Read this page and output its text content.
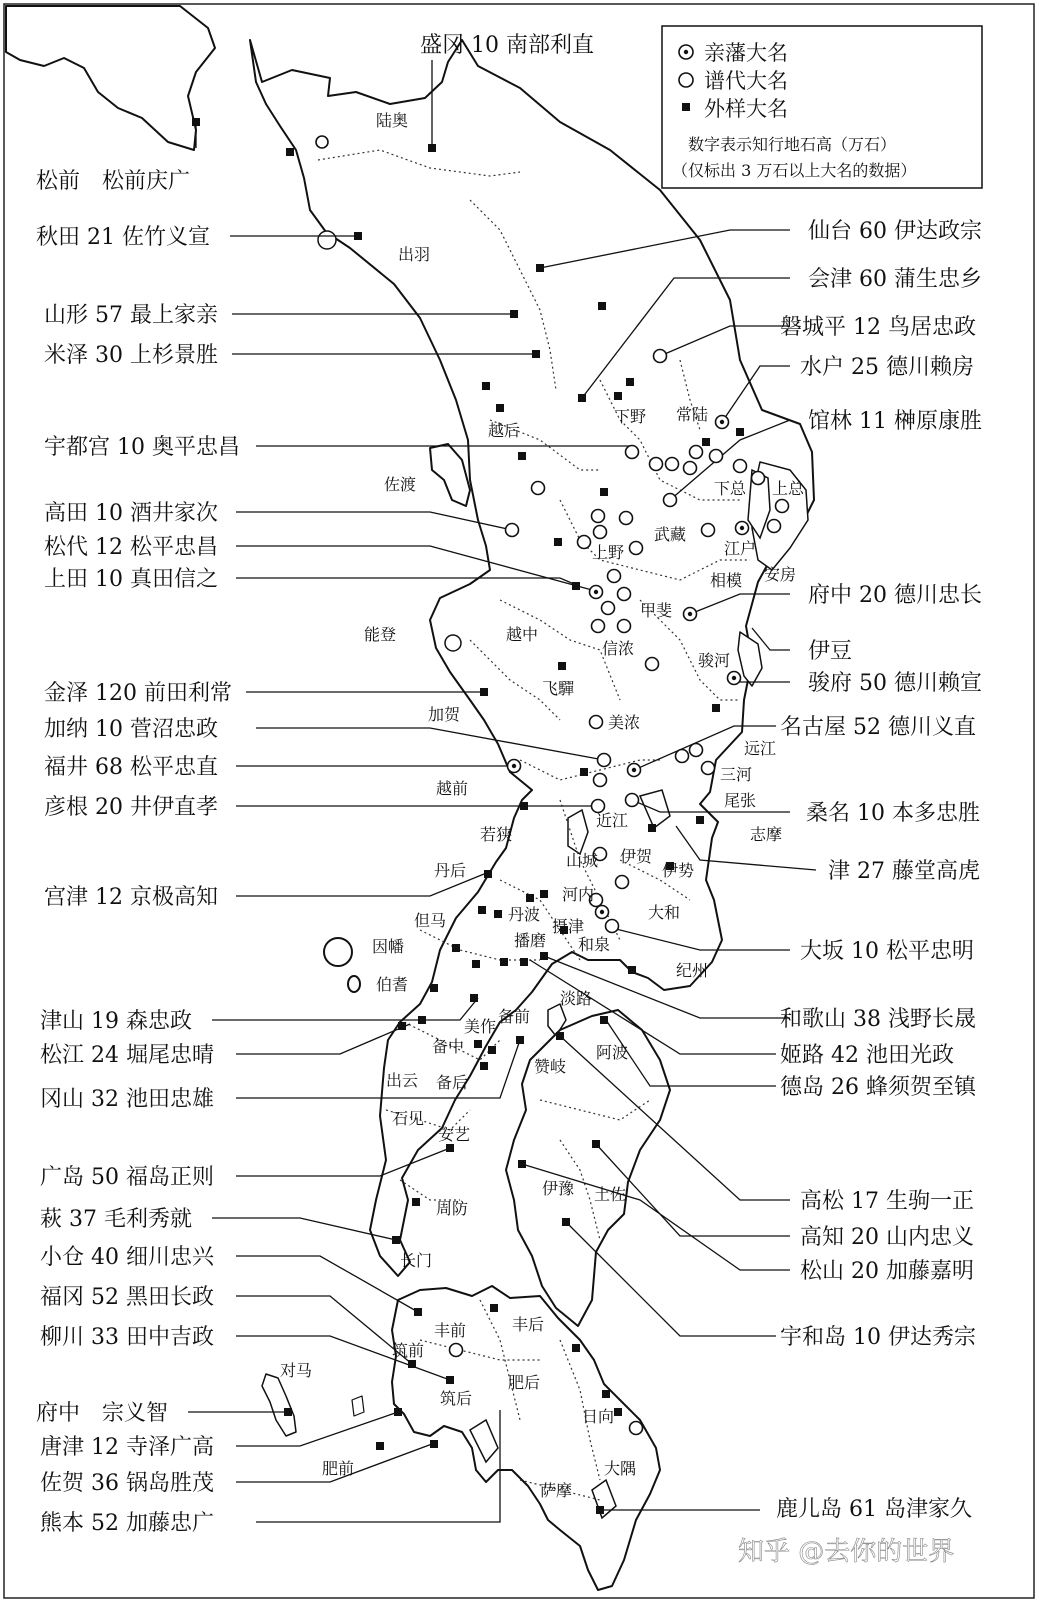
亲藩大名
谱代大名
外样大名
数字表示知行地石高（万石）
（仅标出 3 万石以上大名的数据）
陆奥
出羽
越后
佐渡
下野 常陆
下总 上总
武藏
上野	江户
相模 安房
甲斐
信浓
骏河
越中
能登
飞驒
加贺	美浓
越前
远江
三河
尾张
近江
若狭	志摩
山城 伊贺
伊势
丹后
河内
丹波
但马	摄津
大和
因幡	播磨 和泉
纪州
伯耆
淡路
美作
备前
备中
赞岐
阿波
出云 备后
石见
安艺
伊豫 土佐
周防
长门
丰前	丰后
筑前
对马
筑后
肥后
日向
肥前	大隅
萨摩
盛冈 10 南部利直
松前 松前庆广
秋田 21 佐竹义宣
山形 57 最上家亲
米泽 30 上杉景胜
宇都宫 10 奥平忠昌
高田 10 酒井家次
松代 12 松平忠昌
上田 10 真田信之
金泽 120 前田利常
加纳 10 菅沼忠政
福井 68 松平忠直
彦根 20 井伊直孝
宫津 12 京极高知
津山 19 森忠政
松江 24 堀尾忠晴
冈山 32 池田忠雄
广岛 50 福岛正则
萩 37 毛利秀就
小仓 40 细川忠兴
福冈 52 黑田长政
柳川 33 田中吉政
府中 宗义智
唐津 12 寺泽广高
佐贺 36 锅岛胜茂
熊本 52 加藤忠广
仙台 60 伊达政宗
会津 60 蒲生忠乡
磐城平 12 鸟居忠政
水户 25 德川赖房
馆林 11 榊原康胜
府中 20 德川忠长
伊豆
骏府 50 德川赖宣
名古屋 52 德川义直
桑名 10 本多忠胜
津 27 藤堂高虎
大坂 10 松平忠明
和歌山 38 浅野长晟
姬路 42 池田光政
德岛 26 蜂须贺至镇
高松 17 生驹一正
高知 20 山内忠义
松山 20 加藤嘉明
宇和岛 10 伊达秀宗
鹿儿岛 61 岛津家久
知乎 @去你的世界
